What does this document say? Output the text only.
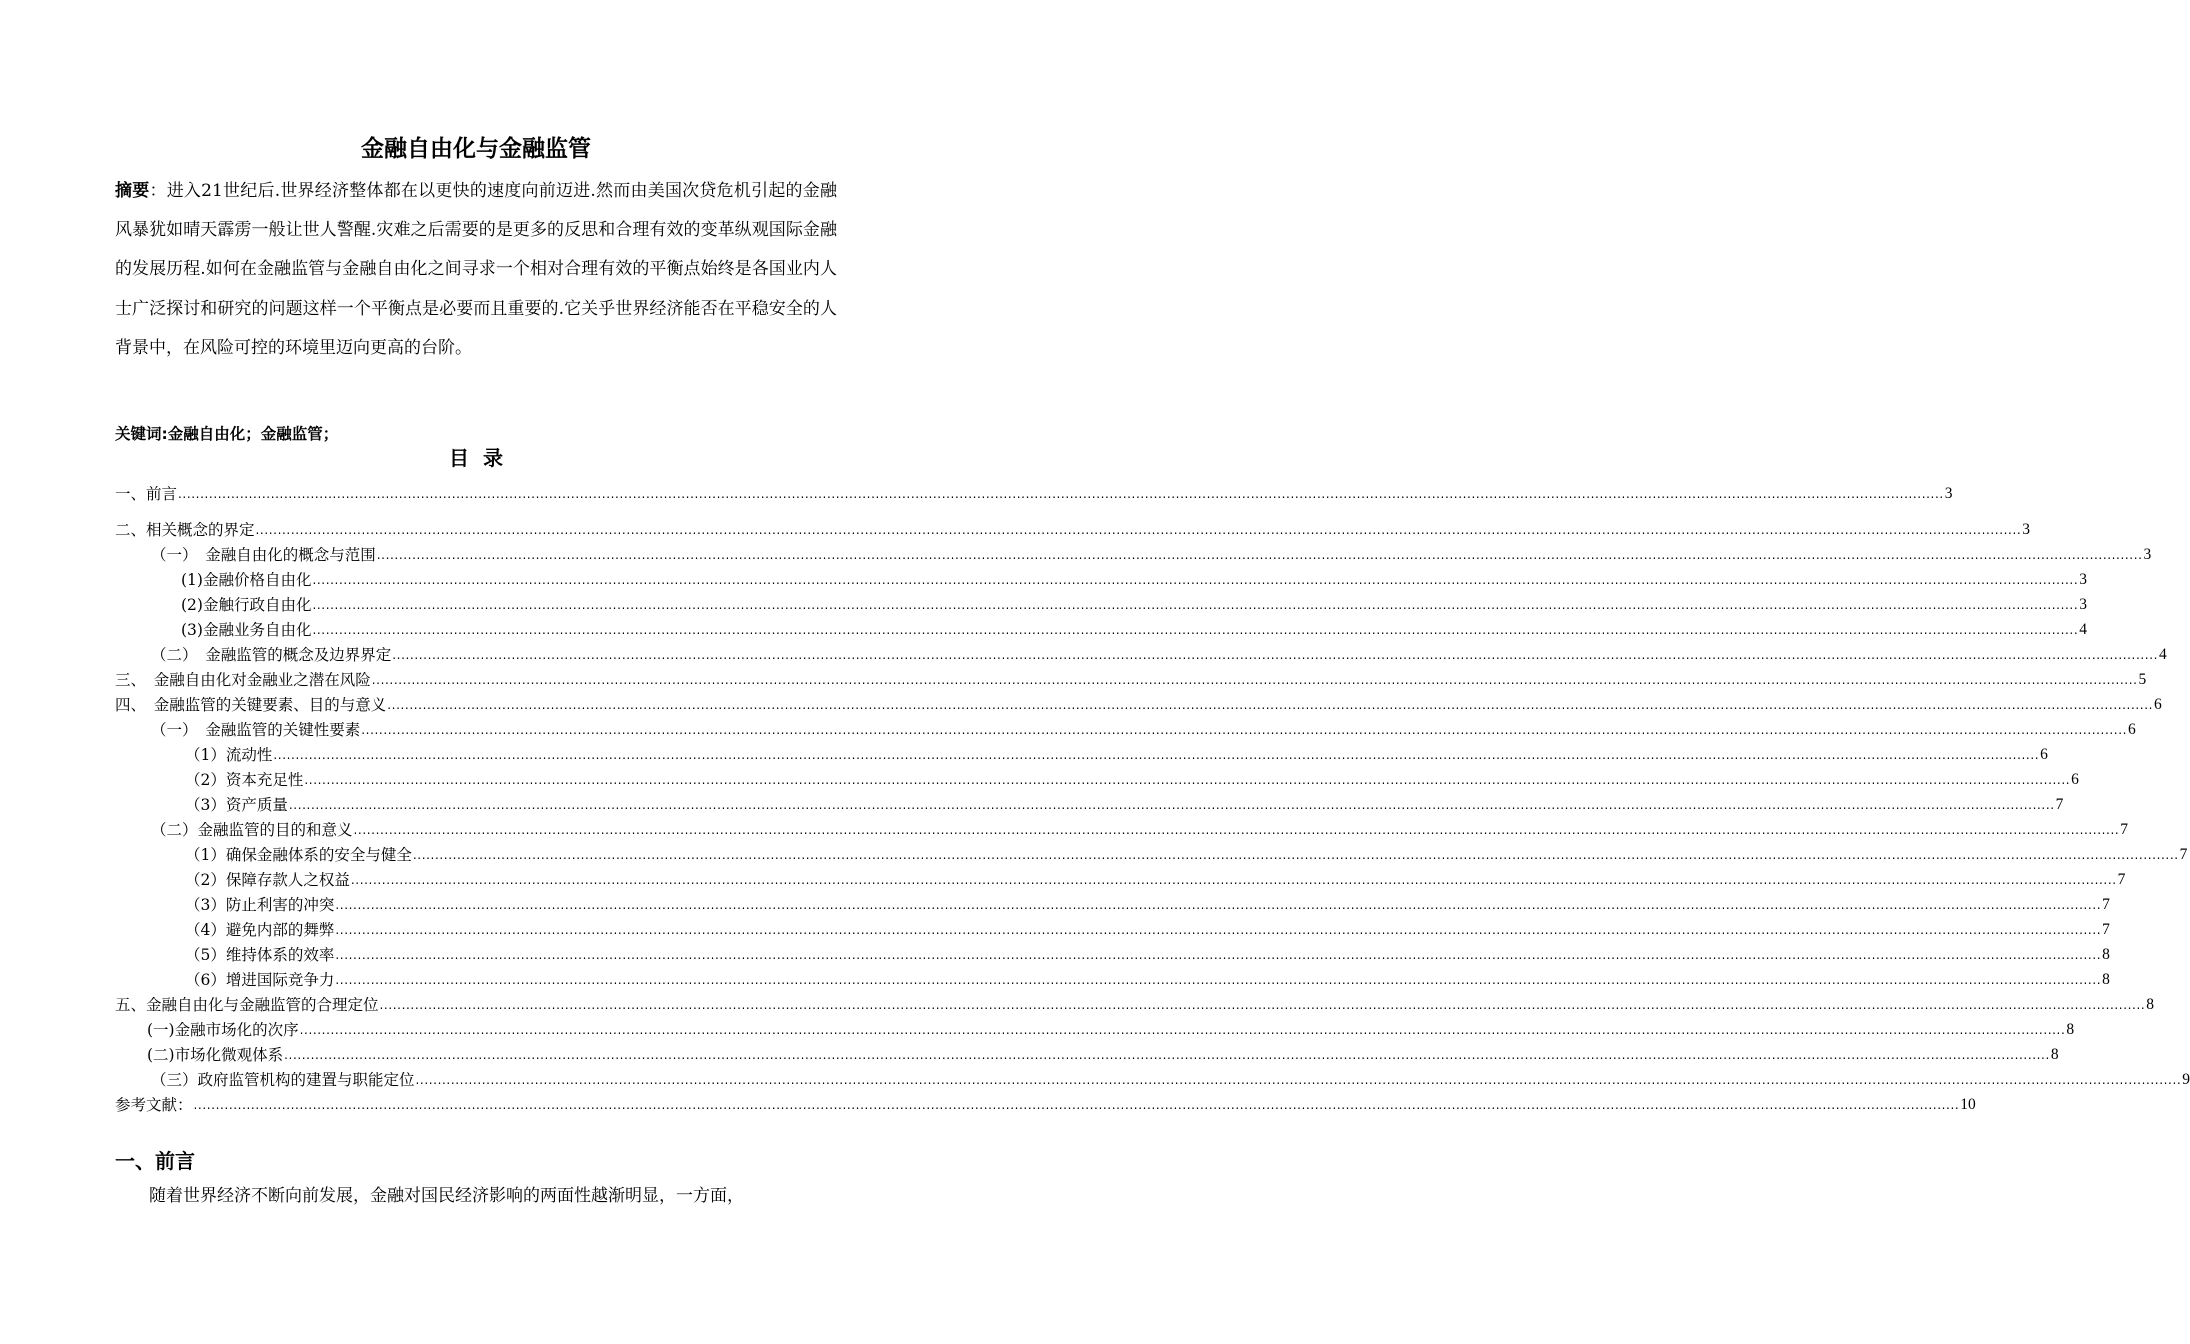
金融自由化与金融监管
摘要：进入21世纪后.世界经济整体都在以更快的速度向前迈进.然而由美国次贷危机引起的金融风暴犹如晴天霹雳一般让世人警醒.灾难之后需要的是更多的反思和合理有效的变革纵观国际金融的发展历程.如何在金融监管与金融自由化之间寻求一个相对合理有效的平衡点始终是各国业内人士广泛探讨和研究的问题这样一个平衡点是必要而且重要的.它关乎世界经济能否在平稳安全的人背景中，在风险可控的环境里迈向更高的台阶。
关键词:金融自由化；金融监管；
目录
一、前言 ................................................................................................................................................................................................................................................................................................................................................................................................................ 3
二、相关概念的界定 ................................................................................................................................................................................................................................................................................................................................................................................................................ 3
（一）　金融自由化的概念与范围 ................................................................................................................................................................................................................................................................................................................................................................................................................ 3
(1)金融价格自由化 ................................................................................................................................................................................................................................................................................................................................................................................................................ 3
(2)金触行政自由化 ................................................................................................................................................................................................................................................................................................................................................................................................................ 3
(3)金融业务自由化 ................................................................................................................................................................................................................................................................................................................................................................................................................ 4
（二）　金融监管的概念及边界界定 ................................................................................................................................................................................................................................................................................................................................................................................................................ 4
三、　金融自由化对金融业之潜在风险 ................................................................................................................................................................................................................................................................................................................................................................................................................ 5
四、　金融监管的关键要素、目的与意义 ................................................................................................................................................................................................................................................................................................................................................................................................................ 6
（一）　金融监管的关键性要素 ................................................................................................................................................................................................................................................................................................................................................................................................................ 6
（1）流动性 ................................................................................................................................................................................................................................................................................................................................................................................................................ 6
（2）资本充足性 ................................................................................................................................................................................................................................................................................................................................................................................................................ 6
（3）资产质量 ................................................................................................................................................................................................................................................................................................................................................................................................................ 7
（二）金融监管的目的和意义 ................................................................................................................................................................................................................................................................................................................................................................................................................ 7
（1）确保金融体系的安全与健全 ................................................................................................................................................................................................................................................................................................................................................................................................................ 7
（2）保障存款人之权益 ................................................................................................................................................................................................................................................................................................................................................................................................................ 7
（3）防止利害的冲突 ................................................................................................................................................................................................................................................................................................................................................................................................................ 7
（4）避免内部的舞弊 ................................................................................................................................................................................................................................................................................................................................................................................................................ 7
（5）维持体系的效率 ................................................................................................................................................................................................................................................................................................................................................................................................................ 8
（6）增进国际竞争力 ................................................................................................................................................................................................................................................................................................................................................................................................................ 8
五、金融自由化与金融监管的合理定位 ................................................................................................................................................................................................................................................................................................................................................................................................................ 8
(一)金融市场化的次序 ................................................................................................................................................................................................................................................................................................................................................................................................................ 8
(二)市场化微观体系 ................................................................................................................................................................................................................................................................................................................................................................................................................ 8
（三）政府监管机构的建置与职能定位 ................................................................................................................................................................................................................................................................................................................................................................................................................ 9
参考文献： ................................................................................................................................................................................................................................................................................................................................................................................................................ 10
一、前言
随着世界经济不断向前发展，金融对国民经济影响的两面性越渐明显，一方面，
